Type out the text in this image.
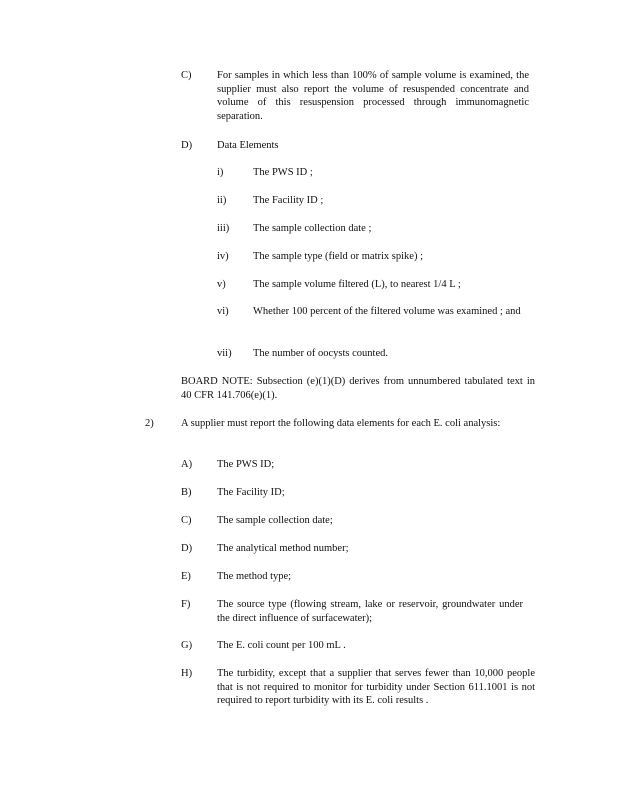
C) For samples in which less than 100% of sample volume is examined, the supplier must also report the volume of resuspended concentrate and volume of this resuspension processed through immunomagnetic separation.
D) Data Elements
i)	The PWS ID ;
ii)	The Facility ID ;
iii) The sample collection date ;
iv) The sample type (field or matrix spike) ;
v)	The sample volume filtered (L), to nearest 1/4 L ;
vi) Whether 100 percent of the filtered volume was examined ; and
vii) The number of oocysts counted.
BOARD NOTE: Subsection (e)(1)(D) derives from unnumbered tabulated text in 40 CFR 141.706(e)(1).
2)	A supplier must report the following data elements for each E. coli analysis:
A) The PWS ID;
B) The Facility ID;
C) The sample collection date;
D) The analytical method number;
E) The method type;
F)	The source type (flowing stream, lake or reservoir, groundwater under the direct influence of surfacewater);
G) The E. coli count per 100 mL .
H) The turbidity, except that a supplier that serves fewer than 10,000 people that is not required to monitor for turbidity under Section 611.1001 is not required to report turbidity with its E. coli results .
